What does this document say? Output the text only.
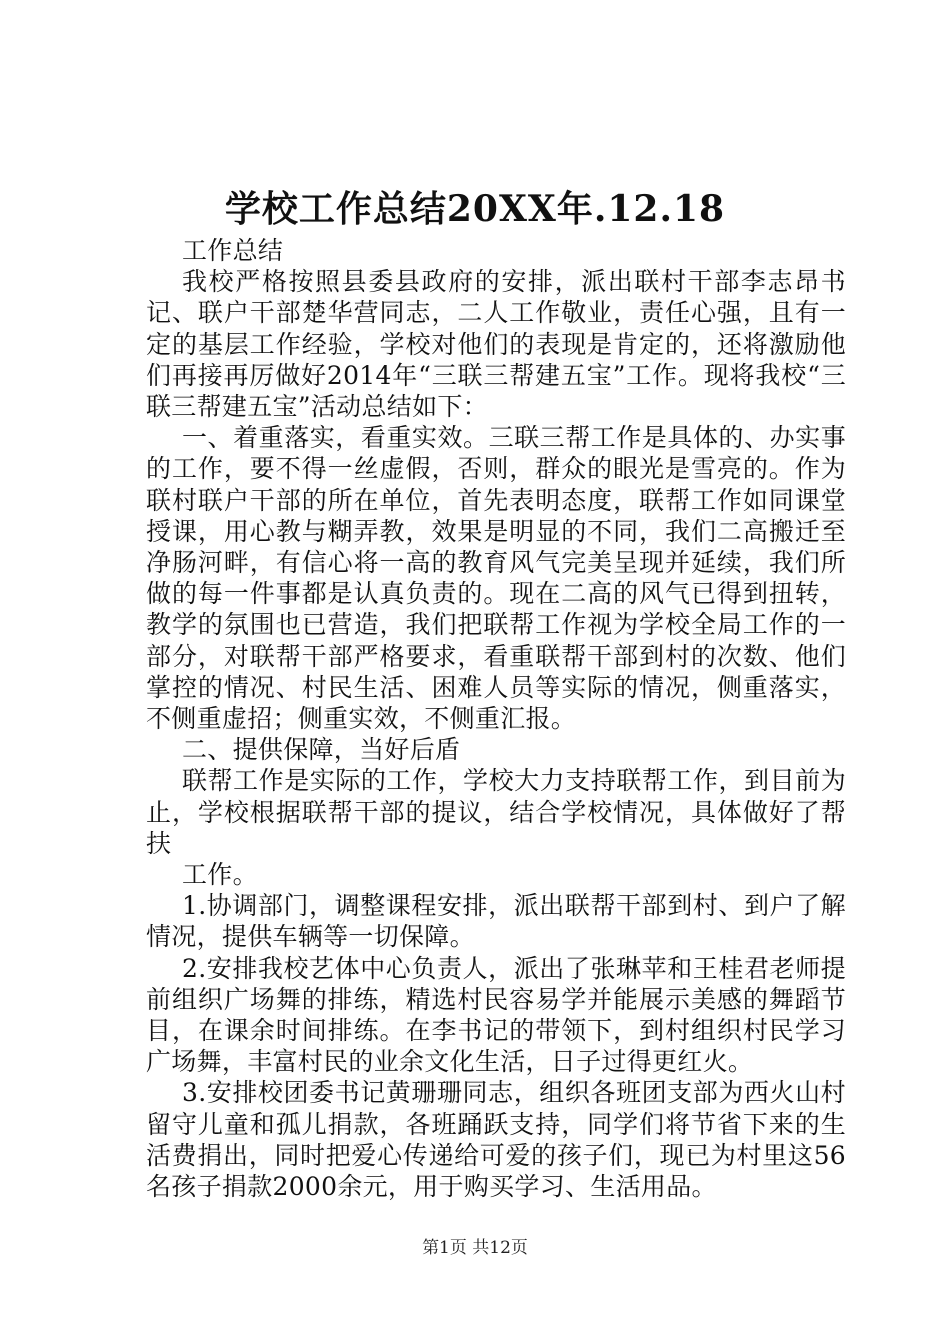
学校工作总结20XX年.12.18

工作总结

我校严格按照县委县政府的安排，派出联村干部李志昂书记、联户干部楚华营同志，二人工作敬业，责任心强，且有一定的基层工作经验，学校对他们的表现是肯定的，还将激励他们再接再厉做好2014年“三联三帮建五宝”工作。现将我校“三联三帮建五宝”活动总结如下：

一、着重落实，看重实效。三联三帮工作是具体的、办实事的工作，要不得一丝虚假，否则，群众的眼光是雪亮的。作为联村联户干部的所在单位，首先表明态度，联帮工作如同课堂授课，用心教与糊弄教，效果是明显的不同，我们二高搬迁至净肠河畔，有信心将一高的教育风气完美呈现并延续，我们所做的每一件事都是认真负责的。现在二高的风气已得到扭转，教学的氛围也已营造，我们把联帮工作视为学校全局工作的一部分，对联帮干部严格要求，看重联帮干部到村的次数、他们掌控的情况、村民生活、困难人员等实际的情况，侧重落实，不侧重虚招；侧重实效，不侧重汇报。

二、提供保障，当好后盾

联帮工作是实际的工作，学校大力支持联帮工作，到目前为止，学校根据联帮干部的提议，结合学校情况，具体做好了帮扶

工作。

1.协调部门，调整课程安排，派出联帮干部到村、到户了解情况，提供车辆等一切保障。

2.安排我校艺体中心负责人，派出了张琳苹和王桂君老师提前组织广场舞的排练，精选村民容易学并能展示美感的舞蹈节目，在课余时间排练。在李书记的带领下，到村组织村民学习广场舞，丰富村民的业余文化生活，日子过得更红火。

3.安排校团委书记黄珊珊同志，组织各班团支部为西火山村留守儿童和孤儿捐款，各班踊跃支持，同学们将节省下来的生活费捐出，同时把爱心传递给可爱的孩子们，现已为村里这56名孩子捐款2000余元，用于购买学习、生活用品。

第1页 共12页
